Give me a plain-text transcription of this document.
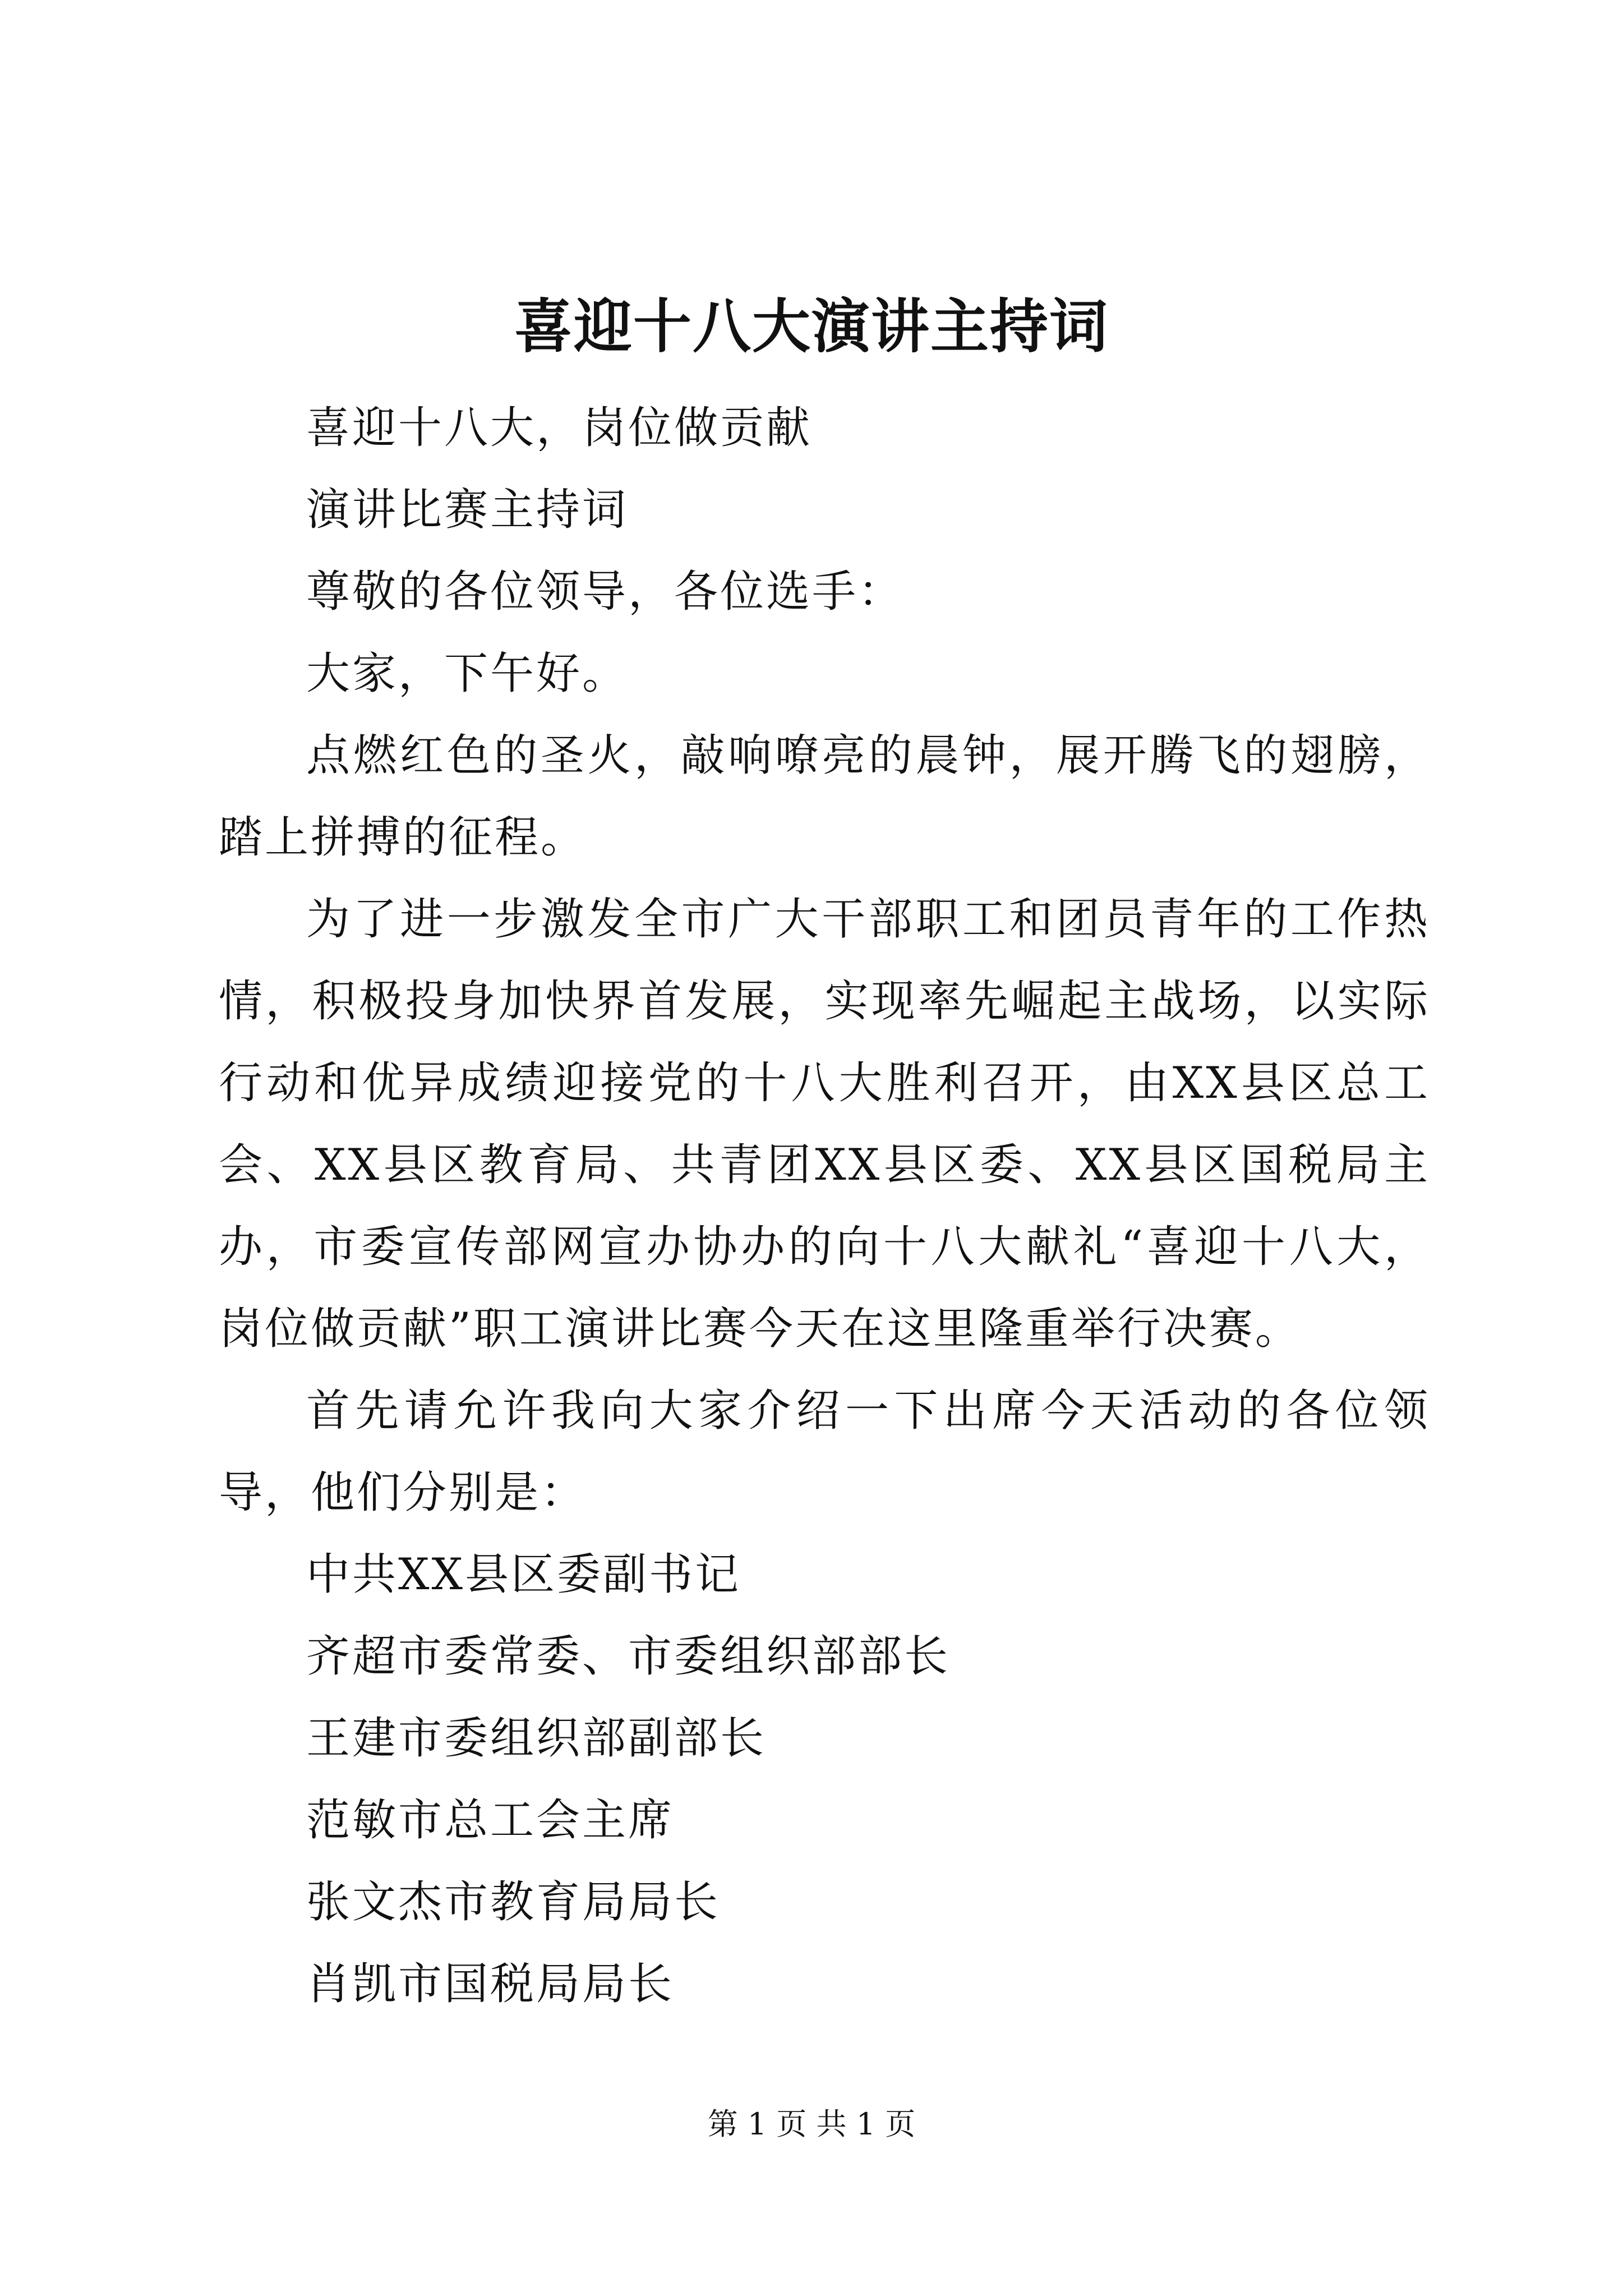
喜迎十八大演讲主持词

喜迎十八大，岗位做贡献

演讲比赛主持词

尊敬的各位领导，各位选手：

大家，下午好。

点燃红色的圣火，敲响嘹亮的晨钟，展开腾飞的翅膀，踏上拼搏的征程。

为了进一步激发全市广大干部职工和团员青年的工作热情，积极投身加快界首发展，实现率先崛起主战场，以实际行动和优异成绩迎接党的十八大胜利召开，由XX县区总工会、XX县区教育局、共青团XX县区委、XX县区国税局主办，市委宣传部网宣办协办的向十八大献礼“喜迎十八大，岗位做贡献”职工演讲比赛今天在这里隆重举行决赛。

首先请允许我向大家介绍一下出席今天活动的各位领导，他们分别是：

中共XX县区委副书记

齐超市委常委、市委组织部部长

王建市委组织部副部长

范敏市总工会主席

张文杰市教育局局长

肖凯市国税局局长

第 1 页 共 1 页
